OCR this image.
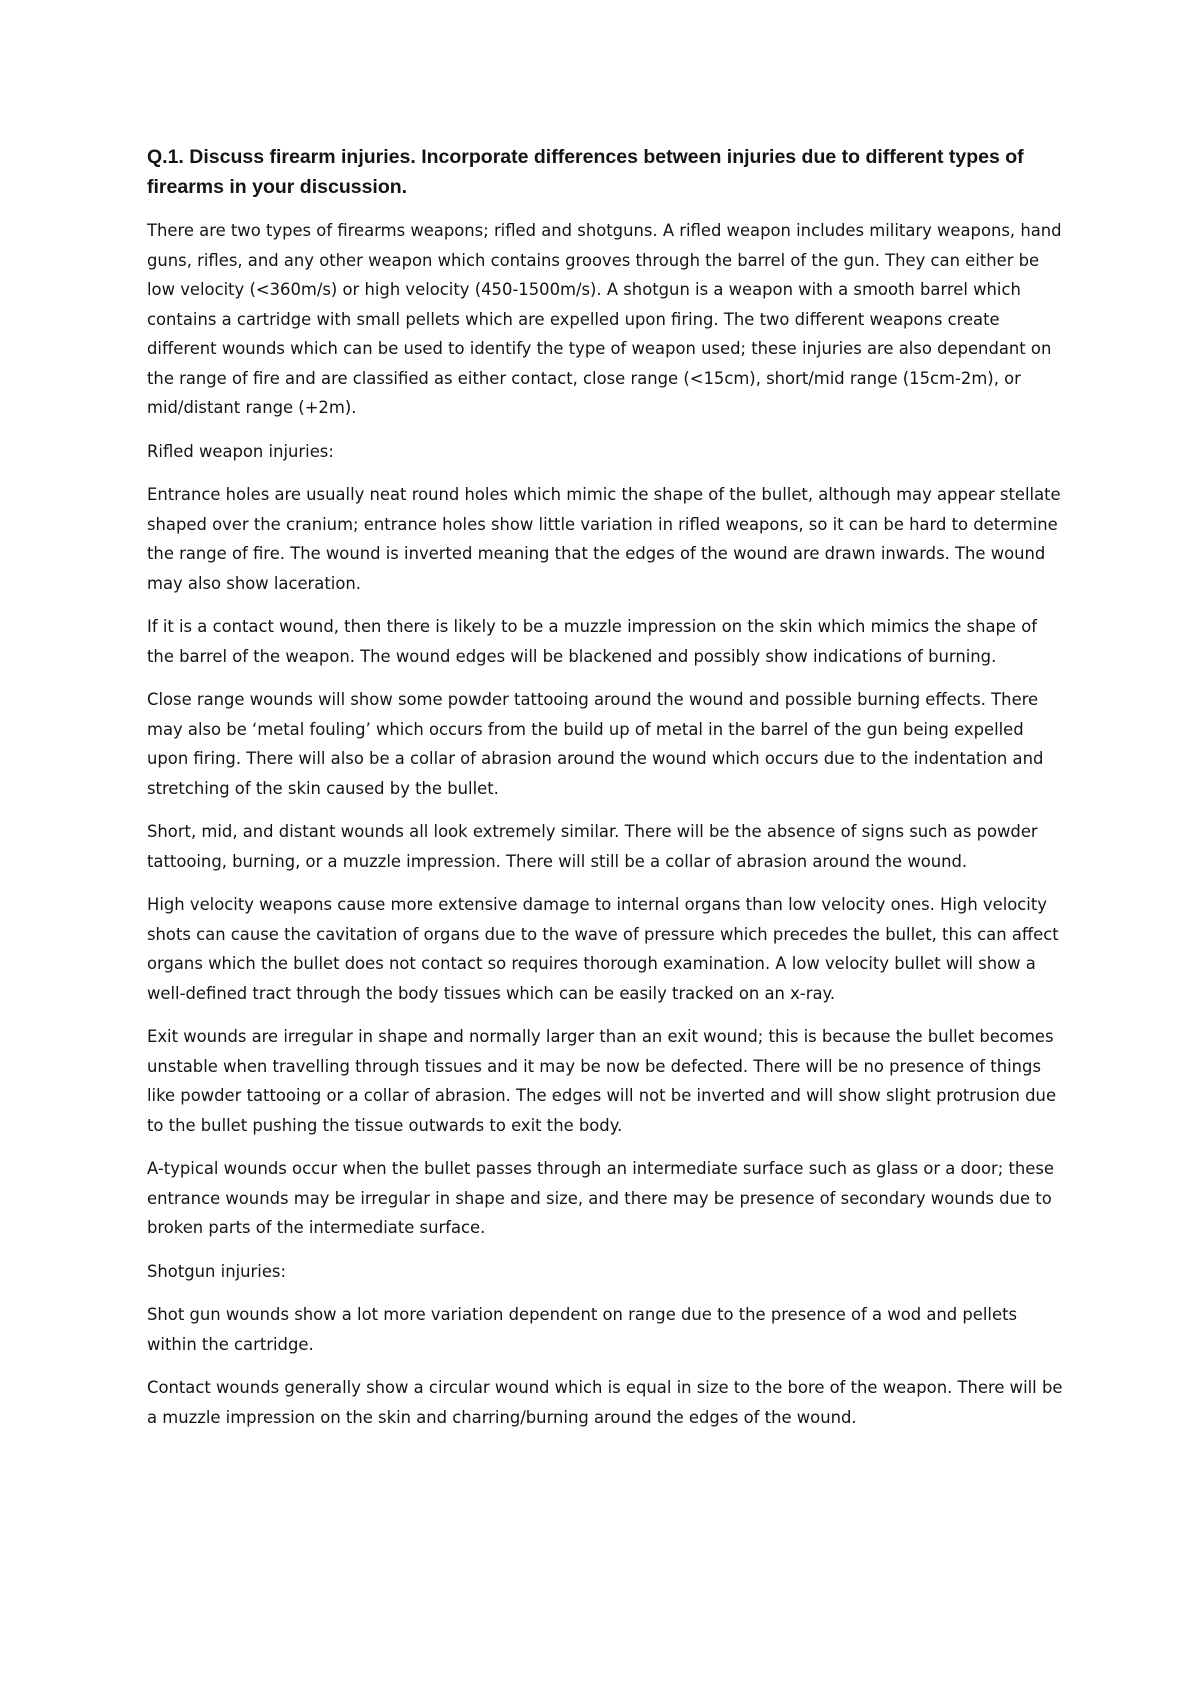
Q.1. Discuss firearm injuries. Incorporate differences between injuries due to different types of firearms in your discussion.

There are two types of firearms weapons; rifled and shotguns. A rifled weapon includes military weapons, hand guns, rifles, and any other weapon which contains grooves through the barrel of the gun. They can either be low velocity (<360m/s) or high velocity (450-1500m/s). A shotgun is a weapon with a smooth barrel which contains a cartridge with small pellets which are expelled upon firing. The two different weapons create different wounds which can be used to identify the type of weapon used; these injuries are also dependant on the range of fire and are classified as either contact, close range (<15cm), short/mid range (15cm-2m), or mid/distant range (+2m).

Rifled weapon injuries:

Entrance holes are usually neat round holes which mimic the shape of the bullet, although may appear stellate shaped over the cranium; entrance holes show little variation in rifled weapons, so it can be hard to determine the range of fire. The wound is inverted meaning that the edges of the wound are drawn inwards. The wound may also show laceration.

If it is a contact wound, then there is likely to be a muzzle impression on the skin which mimics the shape of the barrel of the weapon. The wound edges will be blackened and possibly show indications of burning.

Close range wounds will show some powder tattooing around the wound and possible burning effects. There may also be ‘metal fouling’ which occurs from the build up of metal in the barrel of the gun being expelled upon firing. There will also be a collar of abrasion around the wound which occurs due to the indentation and stretching of the skin caused by the bullet.

Short, mid, and distant wounds all look extremely similar. There will be the absence of signs such as powder tattooing, burning, or a muzzle impression. There will still be a collar of abrasion around the wound.

High velocity weapons cause more extensive damage to internal organs than low velocity ones. High velocity shots can cause the cavitation of organs due to the wave of pressure which precedes the bullet, this can affect organs which the bullet does not contact so requires thorough examination. A low velocity bullet will show a well-defined tract through the body tissues which can be easily tracked on an x-ray.

Exit wounds are irregular in shape and normally larger than an exit wound; this is because the bullet becomes unstable when travelling through tissues and it may be now be defected. There will be no presence of things like powder tattooing or a collar of abrasion. The edges will not be inverted and will show slight protrusion due to the bullet pushing the tissue outwards to exit the body.

A-typical wounds occur when the bullet passes through an intermediate surface such as glass or a door; these entrance wounds may be irregular in shape and size, and there may be presence of secondary wounds due to broken parts of the intermediate surface.

Shotgun injuries:

Shot gun wounds show a lot more variation dependent on range due to the presence of a wod and pellets within the cartridge.

Contact wounds generally show a circular wound which is equal in size to the bore of the weapon. There will be a muzzle impression on the skin and charring/burning around the edges of the wound.
